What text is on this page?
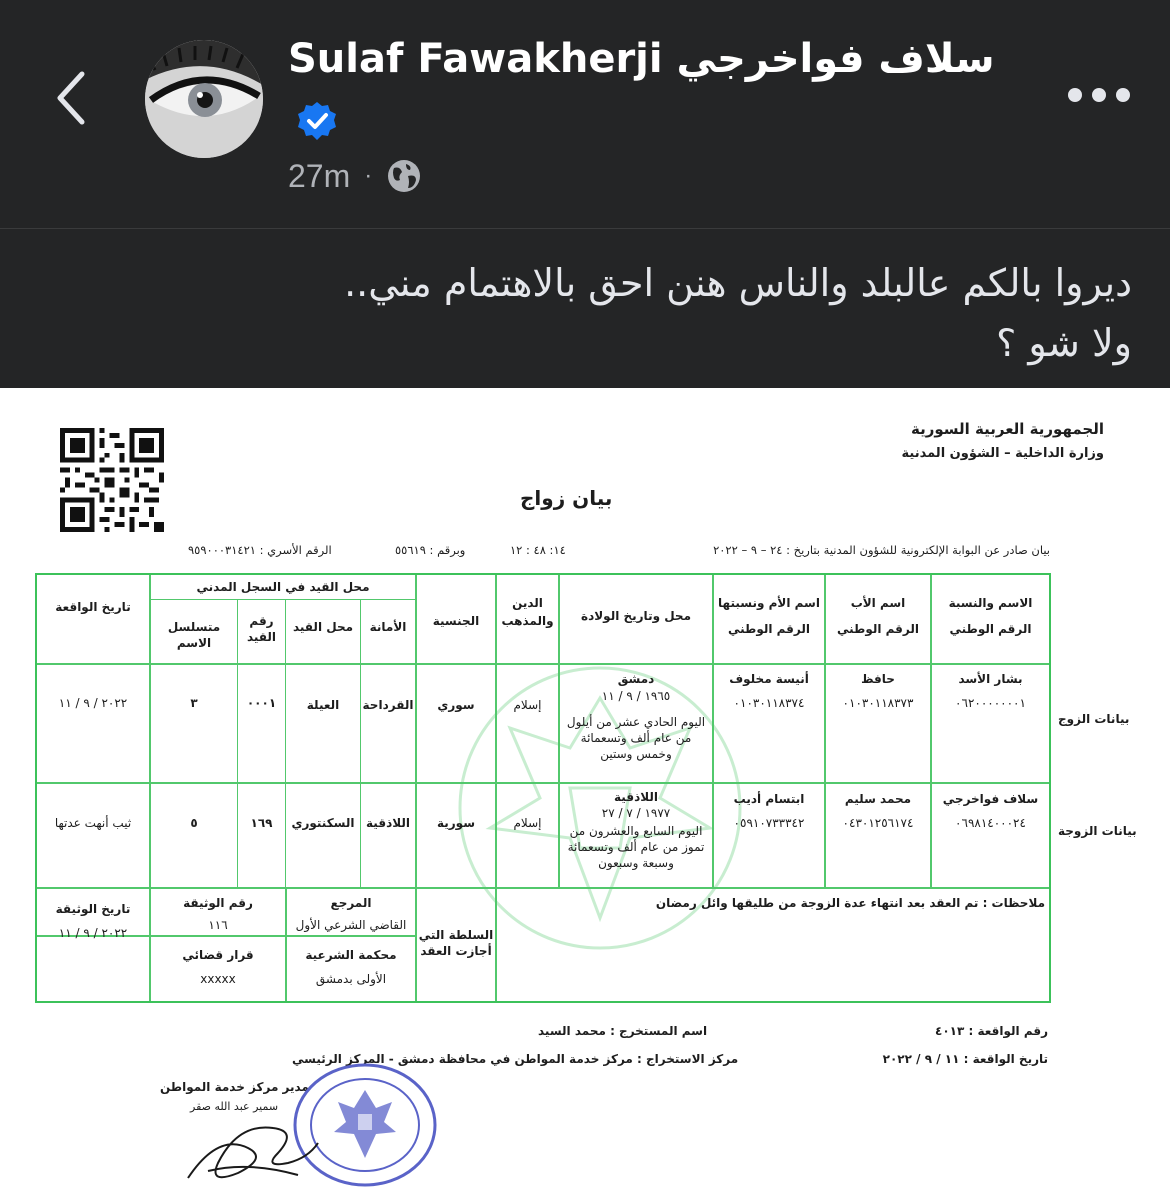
Sulaf Fawakherji سلاف فواخرجي
27m ·
ديروا بالكم عالبلد والناس هنن احق بالاهتمام مني..
ولا شو ؟
الجمهورية العربية السورية
وزارة الداخلية – الشؤون المدنية
بيان زواج
بيان صادر عن البوابة الإلكترونية للشؤون المدنية بتاريخ : ٢٤ – ٩ – ٢٠٢٢
١٤: ٤٨ : ١٢
وبرقم : ٥٥٦١٩
الرقم الأسري : ٩٥٩٠٠٠٣١٤٢١
الاسم والنسبة
الرقم الوطني
اسم الأب
الرقم الوطني
اسم الأم ونسبتها
الرقم الوطني
محل وتاريخ الولادة
الدين
والمذهب
الجنسية
محل القيد في السجل المدني
الأمانة
محل القيد
رقم
القيد
متسلسل الاسم
تاريخ الواقعة
بشار الأسد
٠٦٢٠٠٠٠٠٠٠١
حافظ
٠١٠٣٠١١٨٣٧٣
أنيسة مخلوف
٠١٠٣٠١١٨٣٧٤
دمشق
١٩٦٥ / ٩ / ١١
اليوم الحادي عشر من أيلول
من عام ألف وتسعمائة
وخمس وستين
إسلام
سوري
القرداحة
العيلة
٠٠٠١
٣
٢٠٢٢ / ٩ / ١١
سلاف فواخرجي
٠٦٩٨١٤٠٠٠٢٤
محمد سليم
٠٤٣٠١٢٥٦١٧٤
ابتسام أديب
٠٥٩١٠٧٣٣٣٤٢
اللاذقية
١٩٧٧ / ٧ / ٢٧
اليوم السابع والعشرون من
تموز من عام ألف وتسعمائة
وسبعة وسبعون
إسلام
سورية
اللاذقية
السكنتوري
١٦٩
٥
ثيب أنهت عدتها
ملاحظات : تم العقد بعد انتهاء عدة الزوجة من طليقها وائل رمضان
السلطة التي
أجازت العقد
المرجع
القاضي الشرعي الأول
محكمة الشرعية
الأولى بدمشق
رقم الوثيقة
١١٦
قرار قضائي
xxxxx
تاريخ الوثيقة
٢٠٢٢ / ٩ / ١١
بيانات الزوج
بيانات الزوجة
رقم الواقعة : ٤٠١٣
تاريخ الواقعة : ١١ / ٩ / ٢٠٢٢
اسم المستخرج : محمد السيد
مركز الاستخراج : مركز خدمة المواطن في محافظة دمشق - المركز الرئيسي
مدير مركز خدمة المواطن
سمير عبد الله صقر
